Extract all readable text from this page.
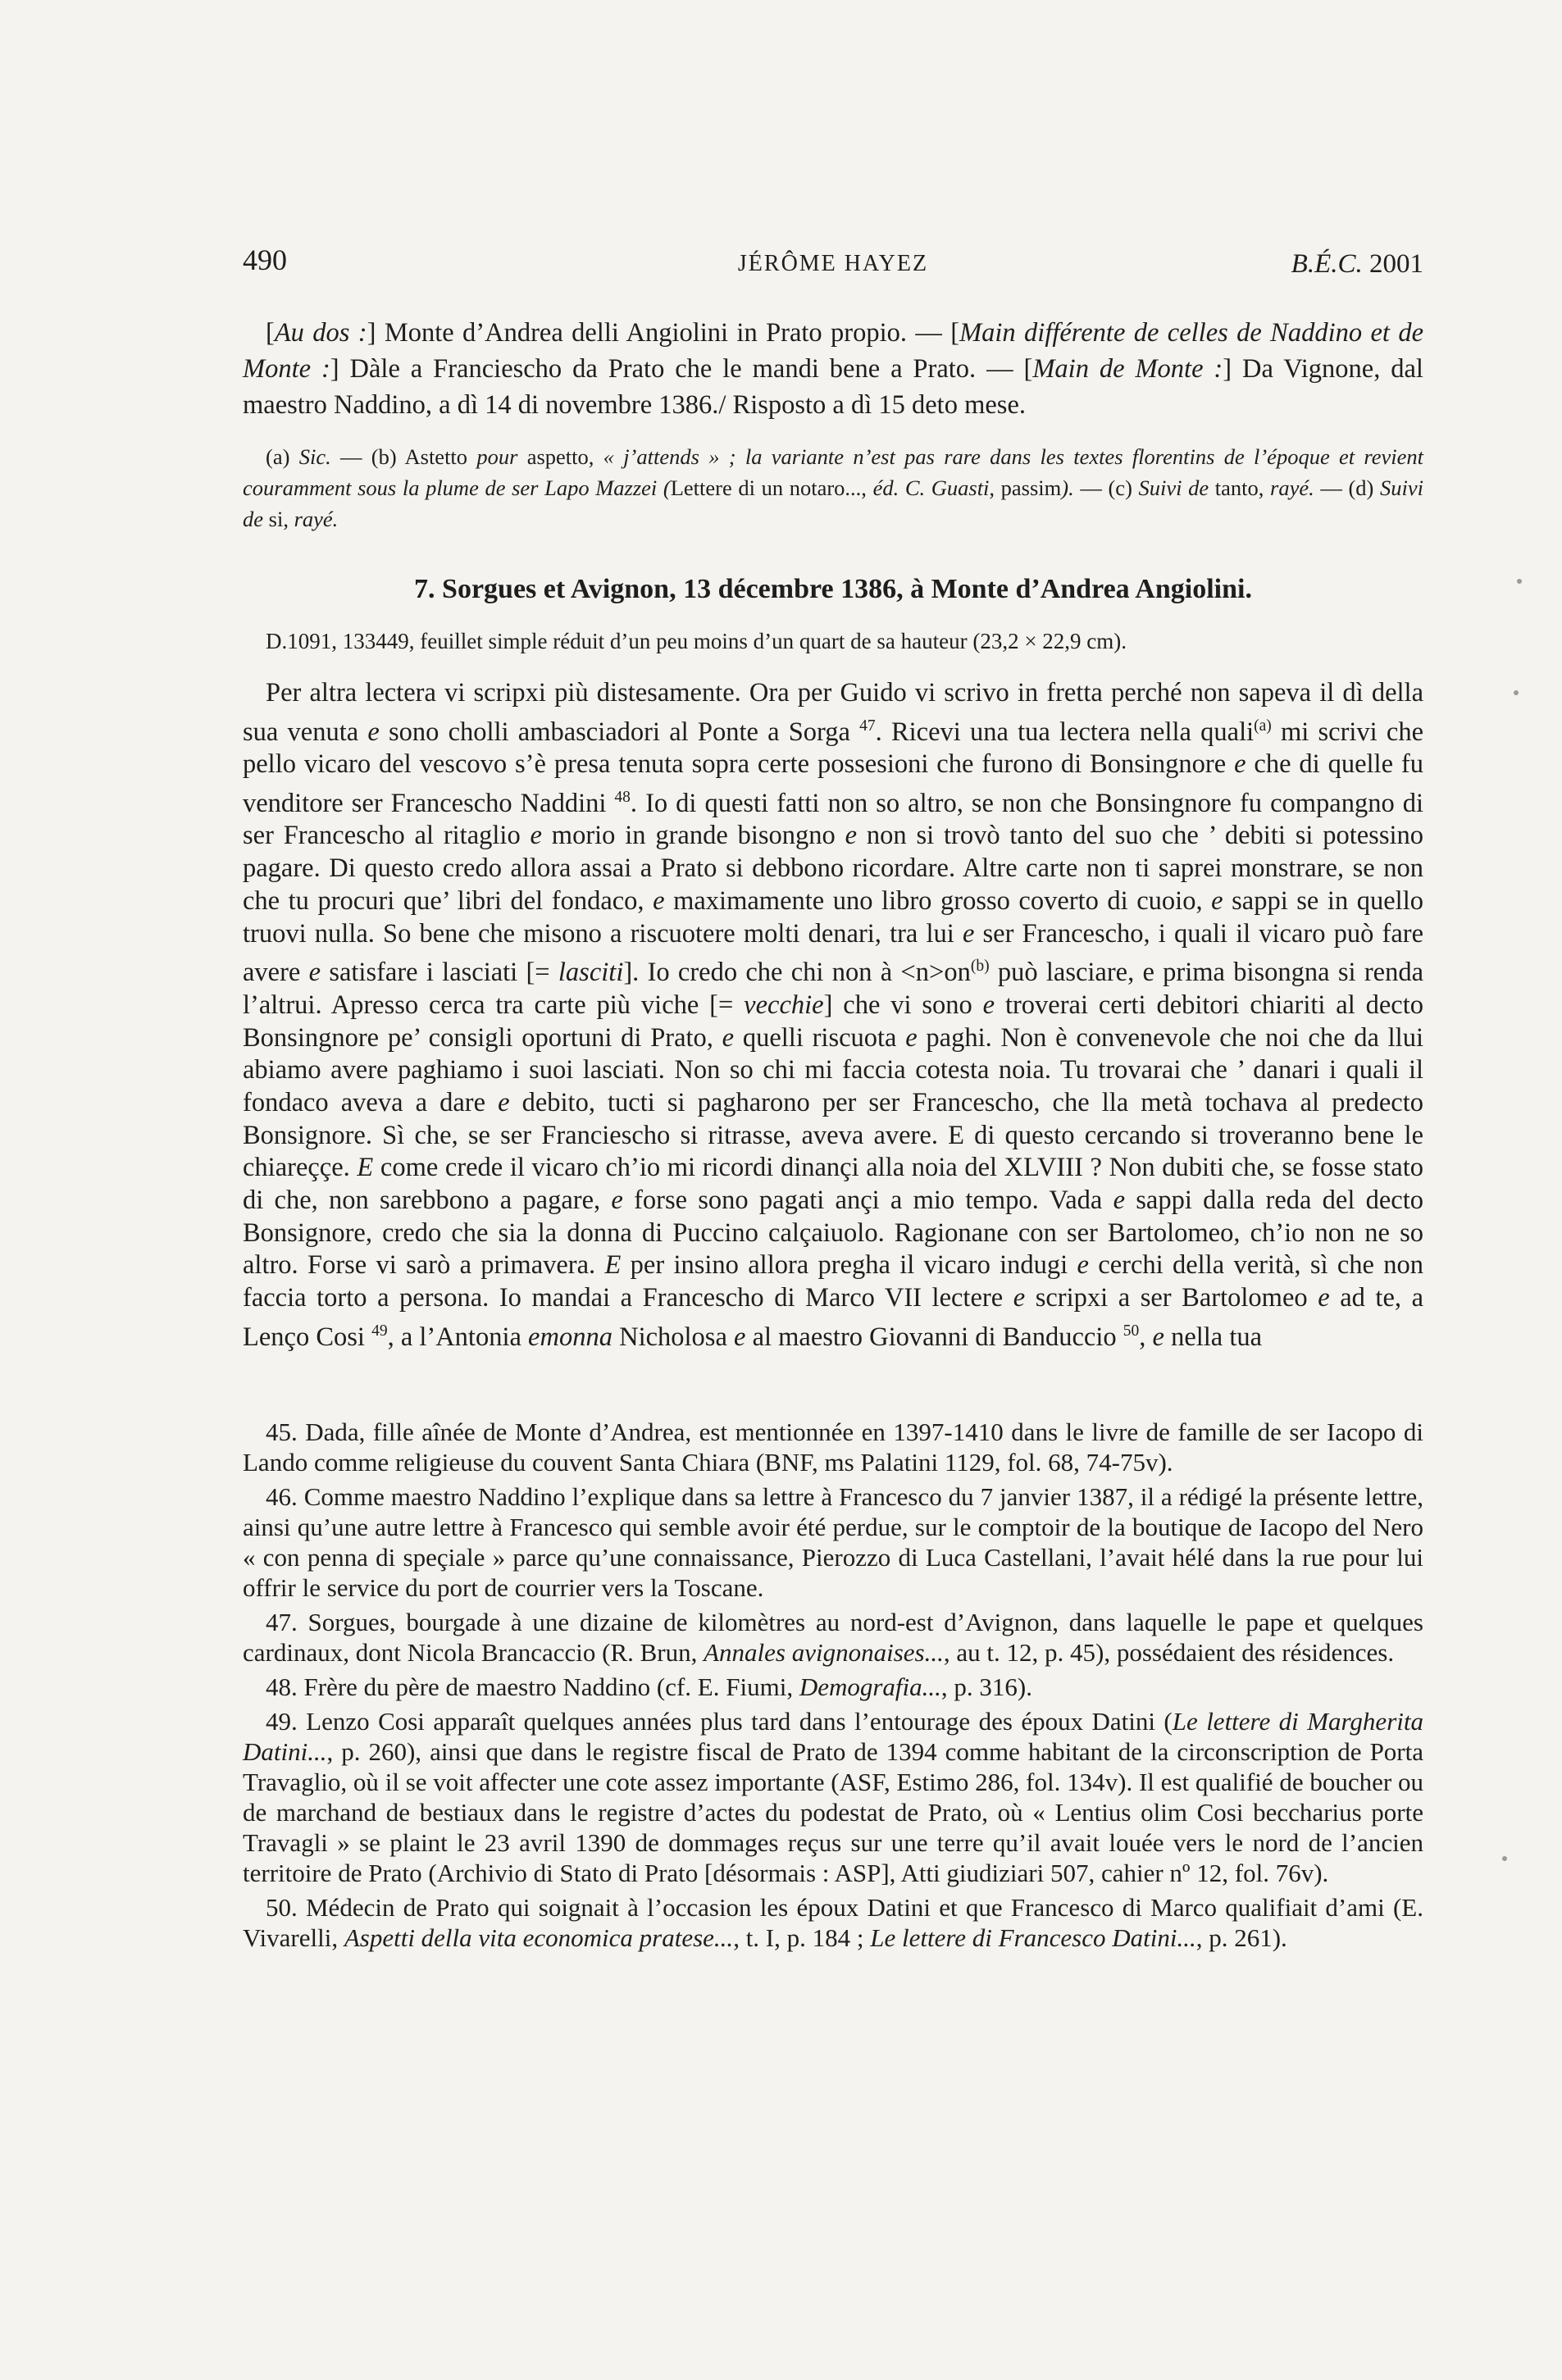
490	JÉRÔME HAYEZ	B.É.C. 2001

[Au dos :] Monte d’Andrea delli Angiolini in Prato propio. — [Main différente de celles de Naddino et de Monte :] Dàle a Franciescho da Prato che le mandi bene a Prato. — [Main de Monte :] Da Vignone, dal maestro Naddino, a dì 14 di novembre 1386./ Risposto a dì 15 deto mese.

(a) Sic. — (b) Astetto pour aspetto, « j’attends » ; la variante n’est pas rare dans les textes florentins de l’époque et revient couramment sous la plume de ser Lapo Mazzei (Lettere di un notaro..., éd. C. Guasti, passim). — (c) Suivi de tanto, rayé. — (d) Suivi de si, rayé.

7. Sorgues et Avignon, 13 décembre 1386, à Monte d’Andrea Angiolini.

D.1091, 133449, feuillet simple réduit d’un peu moins d’un quart de sa hauteur (23,2 × 22,9 cm).

Per altra lectera vi scripxi più distesamente. Ora per Guido vi scrivo in fretta perché non sapeva il dì della sua venuta e sono cholli ambasciadori al Ponte a Sorga $^{47}$. Ricevi una tua lectera nella quali$^{(a)}$ mi scrivi che pello vicaro del vescovo s’è presa tenuta sopra certe possesioni che furono di Bonsingnore e che di quelle fu venditore ser Francescho Naddini $^{48}$. Io di questi fatti non so altro, se non che Bonsingnore fu compangno di ser Francescho al ritaglio e morio in grande bisongno e non si trovò tanto del suo che ’ debiti si potessino pagare. Di questo credo allora assai a Prato si debbono ricordare. Altre carte non ti saprei monstrare, se non che tu procuri que’ libri del fondaco, e maximamente uno libro grosso coverto di cuoio, e sappi se in quello truovi nulla. So bene che misono a riscuotere molti denari, tra lui e ser Francescho, i quali il vicaro può fare avere e satisfare i lasciati [= lasciti]. Io credo che chi non à $<n>on^{(b)}$ può lasciare, e prima bisongna si renda l’altrui. Apresso cerca tra carte più viche [= vecchie] che vi sono e troverai certi debitori chiariti al decto Bonsingnore pe’ consigli oportuni di Prato, e quelli riscuota e paghi. Non è convenevole che noi che da llui abiamo avere paghiamo i suoi lasciati. Non so chi mi faccia cotesta noia. Tu trovarai che ’ danari i quali il fondaco aveva a dare e debito, tucti si pagharono per ser Francescho, che lla metà tochava al predecto Bonsignore. Sì che, se ser Franciescho si ritrasse, aveva avere. E di questo cercando si troveranno bene le chiareççe. E come crede il vicaro ch’io mi ricordi dinançi alla noia del XLVIII ? Non dubiti che, se fosse stato di che, non sarebbono a pagare, e forse sono pagati ançi a mio tempo. Vada e sappi dalla reda del decto Bonsignore, credo che sia la donna di Puccino calçaiuolo. Ragionane con ser Bartolomeo, ch’io non ne so altro. Forse vi sarò a primavera. E per insino allora pregha il vicaro indugi e cerchi della verità, sì che non faccia torto a persona. Io mandai a Francescho di Marco VII lectere e scripxi a ser Bartolomeo e ad te, a Lenço Cosi $^{49}$, a l’Antonia emonna Nicholosa e al maestro Giovanni di Banduccio $^{50}$, e nella tua

45. Dada, fille aînée de Monte d’Andrea, est mentionnée en 1397-1410 dans le livre de famille de ser Iacopo di Lando comme religieuse du couvent Santa Chiara (BNF, ms Palatini 1129, fol. 68, 74-75v).

46. Comme maestro Naddino l’explique dans sa lettre à Francesco du 7 janvier 1387, il a rédigé la présente lettre, ainsi qu’une autre lettre à Francesco qui semble avoir été perdue, sur le comptoir de la boutique de Iacopo del Nero « con penna di speçiale » parce qu’une connaissance, Pierozzo di Luca Castellani, l’avait hélé dans la rue pour lui offrir le service du port de courrier vers la Toscane.

47. Sorgues, bourgade à une dizaine de kilomètres au nord-est d’Avignon, dans laquelle le pape et quelques cardinaux, dont Nicola Brancaccio (R. Brun, Annales avignonaises..., au t. 12, p. 45), possédaient des résidences.

48. Frère du père de maestro Naddino (cf. E. Fiumi, Demografia..., p. 316).

49. Lenzo Cosi apparaît quelques années plus tard dans l’entourage des époux Datini (Le lettere di Margherita Datini..., p. 260), ainsi que dans le registre fiscal de Prato de 1394 comme habitant de la circonscription de Porta Travaglio, où il se voit affecter une cote assez importante (ASF, Estimo 286, fol. 134v). Il est qualifié de boucher ou de marchand de bestiaux dans le registre d’actes du podestat de Prato, où « Lentius olim Cosi beccharius porte Travagli » se plaint le 23 avril 1390 de dommages reçus sur une terre qu’il avait louée vers le nord de l’ancien territoire de Prato (Archivio di Stato di Prato [désormais : ASP], Atti giudiziari 507, cahier nº 12, fol. 76v).

50. Médecin de Prato qui soignait à l’occasion les époux Datini et que Francesco di Marco qualifiait d’ami (E. Vivarelli, Aspetti della vita economica pratese..., t. I, p. 184 ; Le lettere di Francesco Datini..., p. 261).
